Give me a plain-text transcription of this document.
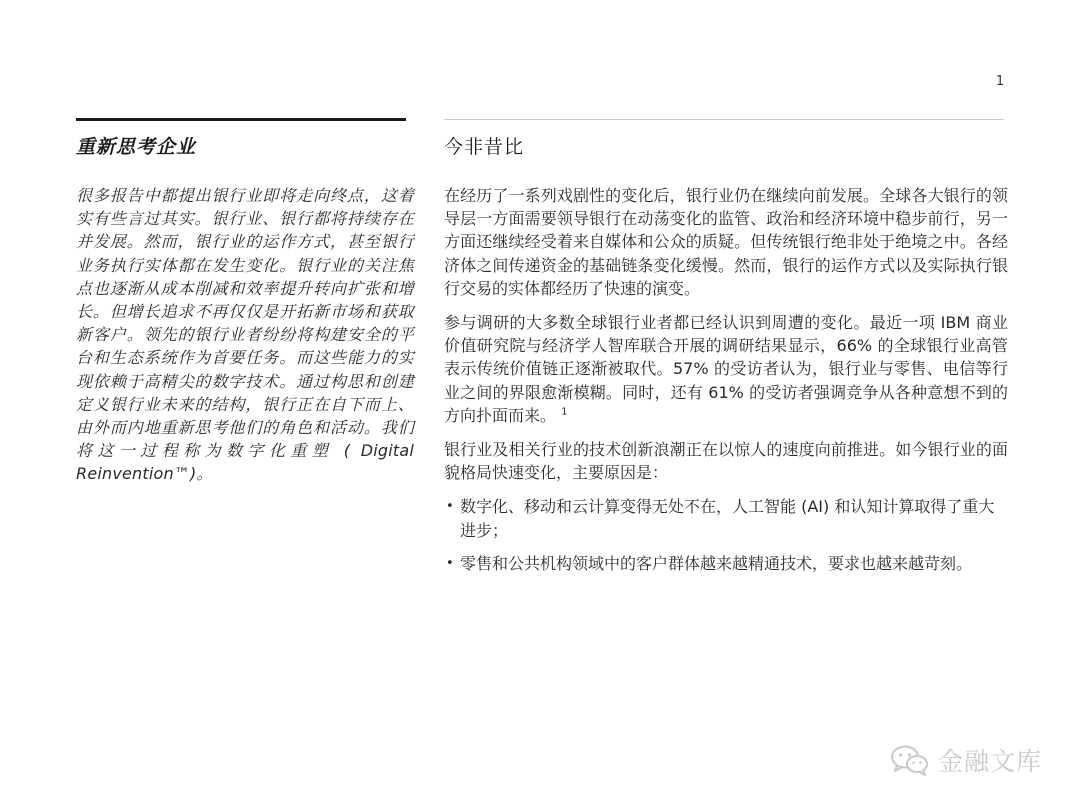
1
重新思考企业	今非昔比

很多报告中都提出银行业即将走向终点，这着实有些言过其实。银行业、银行都将持续存在并发展。然而，银行业的运作方式，甚至银行业务执行实体都在发生变化。银行业的关注焦点也逐渐从成本削减和效率提升转向扩张和增长。但增长追求不再仅仅是开拓新市场和获取新客户。领先的银行业者纷纷将构建安全的平台和生态系统作为首要任务。而这些能力的实现依赖于高精尖的数字技术。通过构思和创建定义银行业未来的结构，银行正在自下而上、由外而内地重新思考他们的角色和活动。我们将这一过程称为数字化重塑 ( Digital Reinvention™)。

在经历了一系列戏剧性的变化后，银行业仍在继续向前发展。全球各大银行的领导层一方面需要领导银行在动荡变化的监管、政治和经济环境中稳步前行，另一方面还继续经受着来自媒体和公众的质疑。但传统银行绝非处于绝境之中。各经济体之间传递资金的基础链条变化缓慢。然而，银行的运作方式以及实际执行银行交易的实体都经历了快速的演变。

参与调研的大多数全球银行业者都已经认识到周遭的变化。最近一项 IBM 商业价值研究院与经济学人智库联合开展的调研结果显示，66% 的全球银行业高管表示传统价值链正逐渐被取代。57% 的受访者认为，银行业与零售、电信等行业之间的界限愈渐模糊。同时，还有 61% 的受访者强调竞争从各种意想不到的方向扑面而来。 $^1$

银行业及相关行业的技术创新浪潮正在以惊人的速度向前推进。如今银行业的面貌格局快速变化，主要原因是：

• 数字化、移动和云计算变得无处不在，人工智能 (AI) 和认知计算取得了重大进步；
• 零售和公共机构领域中的客户群体越来越精通技术，要求也越来越苛刻。
金融文库
